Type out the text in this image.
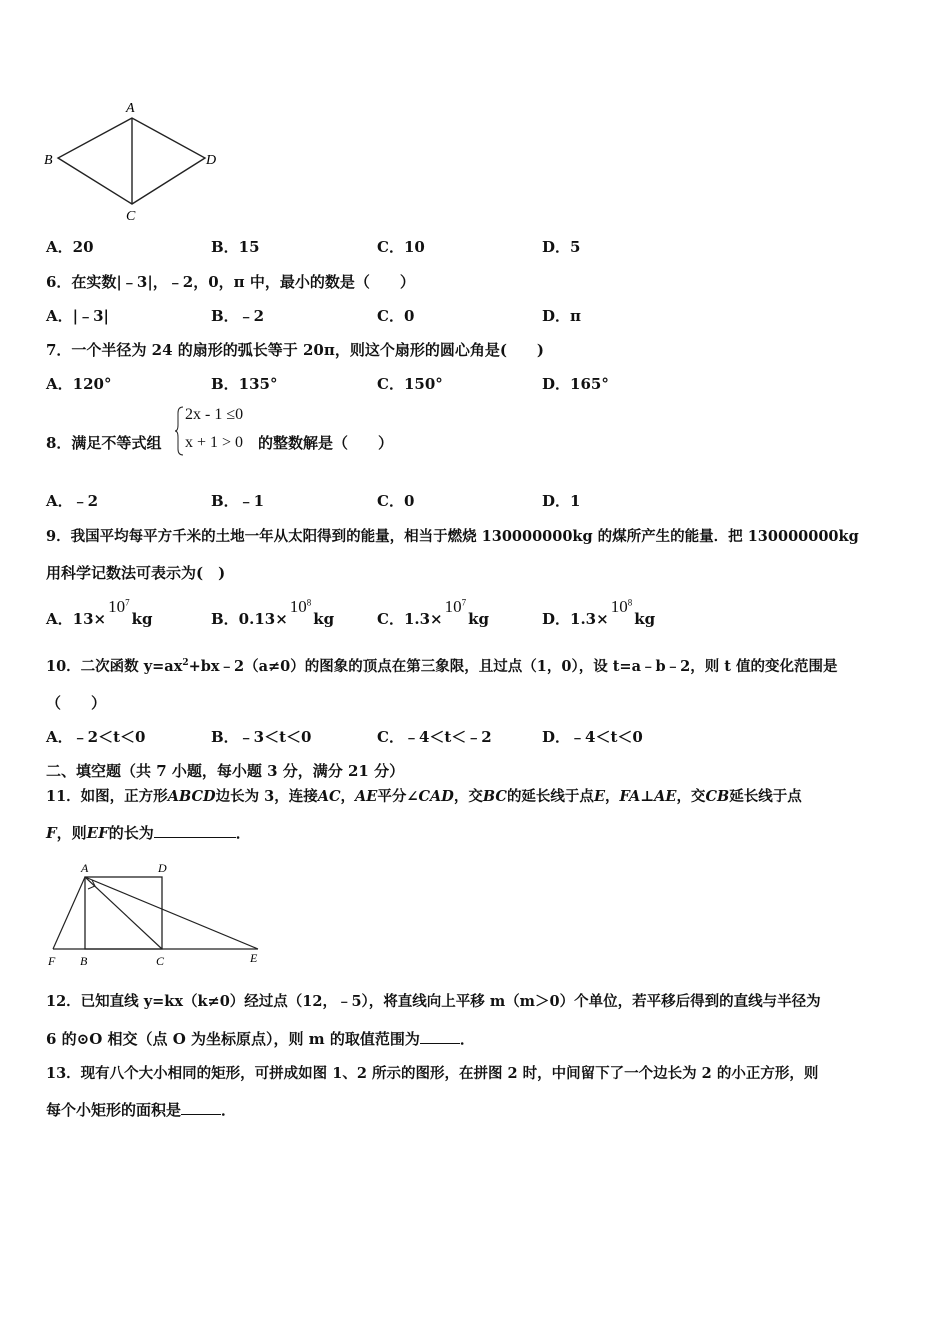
A
B
C
D
A．20	B．15	C．10	D．5
6．在实数|﹣3|，﹣2，0，π 中，最小的数是（　　）
A．|﹣3|	B．﹣2	C．0	D．π
7．一个半径为 24 的扇形的弧长等于 20π，则这个扇形的圆心角是(　　)
A．120°	B．135°	C．150°	D．165°
8．满足不等式组
2x - 1 ≤0
x + 1 > 0 的整数解是（　　）
A．﹣2	B．﹣1	C．0	D．1
9．我国平均每平方千米的土地一年从太阳得到的能量，相当于燃烧 130000000kg 的煤所产生的能量．把 130000000kg
用科学记数法可表示为(　)
A．$13\times 10^7kg$	B．$0.13\times 10^8kg$	C．$1.3\times 10^7kg$	D．$1.3\times 10^8kg$
10．二次函数 $y=ax^2+bx﹣2(a\ne 0)$的图象的顶点在第三象限，且过点（1，0），设 t=a﹣b﹣2，则 t 值的变化范围是
（　　）
A．﹣2＜t＜0	B．﹣3＜t＜0	C．﹣4＜t＜﹣2	D．﹣4＜t＜0
二、填空题（共 7 小题，每小题 3 分，满分 21 分）
11．如图，正方形ABCD边长为 3，连接AC，AE平分∠CAD，交BC的延长线于点E，FA⊥AE，交CB延长线于点
F，则EF的长为	．
A	D
F B	C	E
12．已知直线 y=kx（k≠0）经过点（12，﹣5），将直线向上平移 m（m＞0）个单位，若平移后得到的直线与半径为
6 的⊙O 相交（点 O 为坐标原点），则 m 的取值范围为	．
13．现有八个大小相同的矩形，可拼成如图 1、2 所示的图形，在拼图 2 时，中间留下了一个边长为 2 的小正方形，则
每个小矩形的面积是	．
